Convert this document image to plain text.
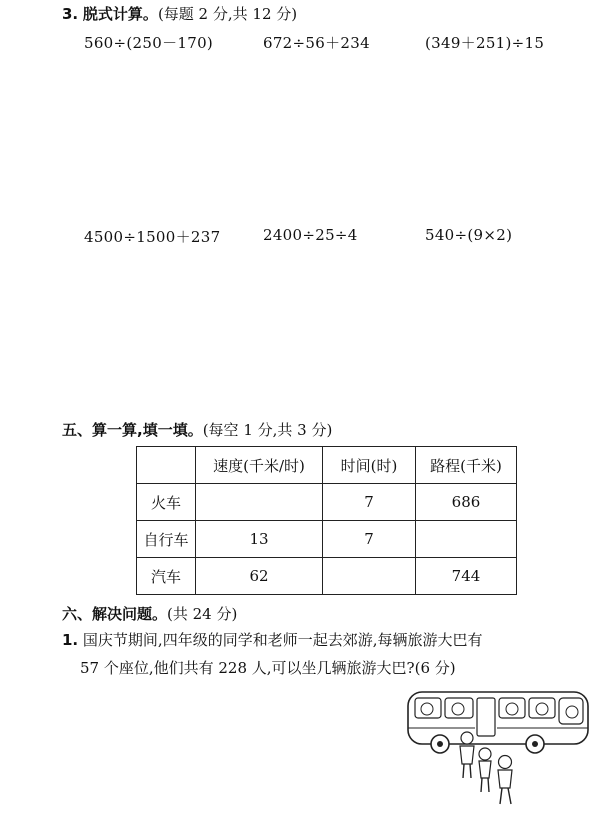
3. 脱式计算。(每题 2 分,共 12 分)
560÷(250－170)	672÷56＋234	(349＋251)÷15
4500÷1500＋237	2400÷25÷4	540÷(9×2)
五、算一算,填一填。(每空 1 分,共 3 分)
	速度(千米/时)	时间(时)	路程(千米)
火车		7	686
自行车	13	7	
汽车	62		744
六、解决问题。(共 24 分)
1. 国庆节期间,四年级的同学和老师一起去郊游,每辆旅游大巴有
57 个座位,他们共有 228 人,可以坐几辆旅游大巴?(6 分)
